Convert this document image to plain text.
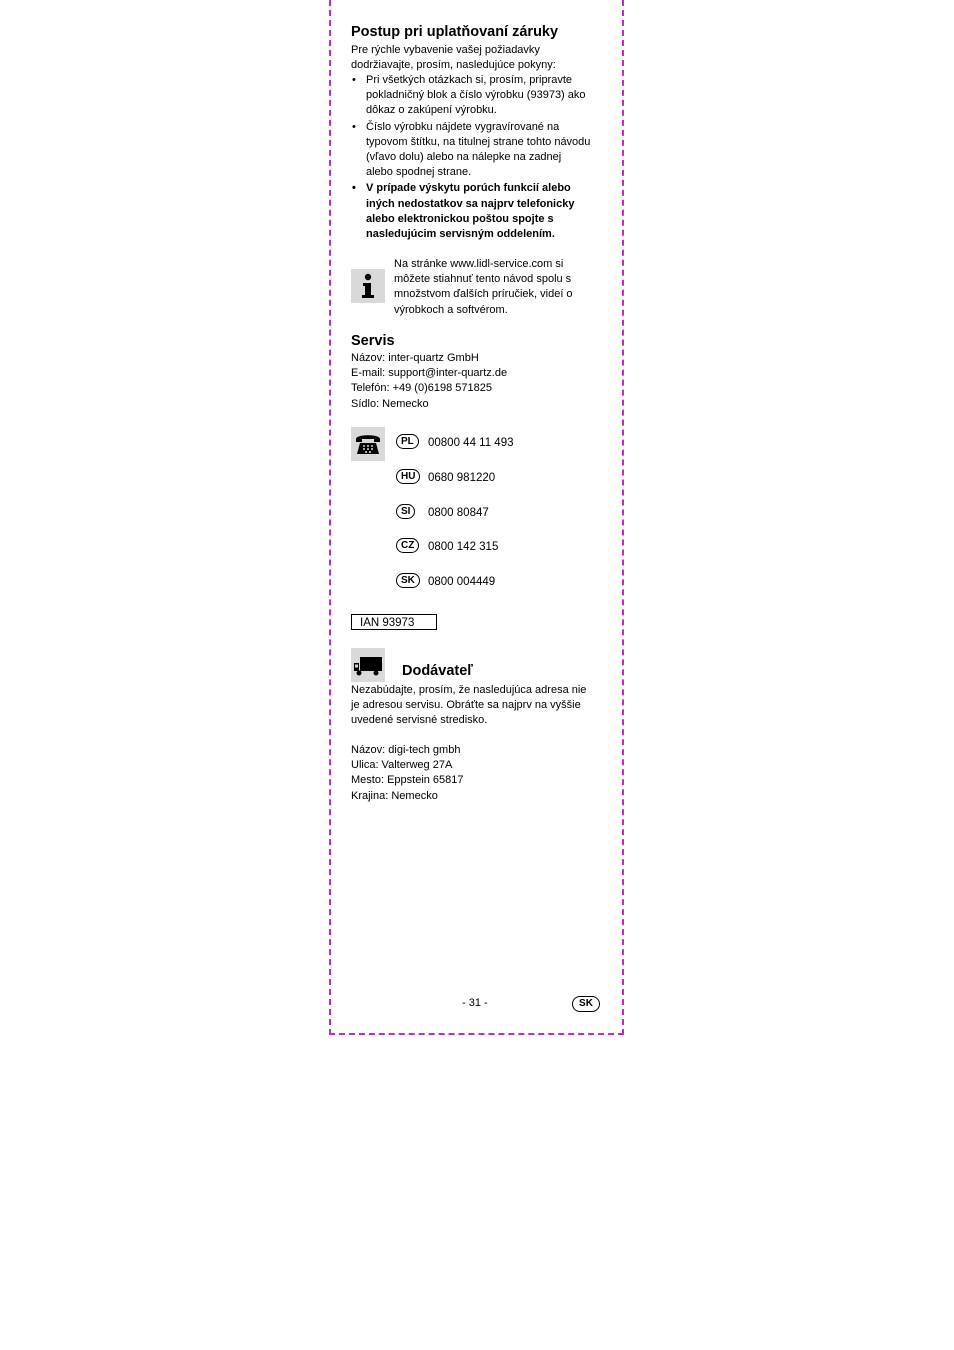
Postup pri uplatňovaní záruky
Pre rýchle vybavenie vašej požiadavky
dodržiavajte, prosím, nasledujúce pokyny:
• Pri všetkých otázkach si, prosím, pripravte
pokladničný blok a číslo výrobku (93973) ako
dôkaz o zakúpení výrobku.
• Číslo výrobku nájdete vygravírované na
typovom štítku, na titulnej strane tohto návodu
(vľavo dolu) alebo na nálepke na zadnej
alebo spodnej strane.
• V prípade výskytu porúch funkcií alebo
iných nedostatkov sa najprv telefonicky
alebo elektronickou poštou spojte s
nasledujúcim servisným oddelením.
Na stránke www.lidl-service.com si
môžete stiahnuť tento návod spolu s
množstvom ďalších príručiek, videí o
výrobkoch a softvérom.
Servis
Názov: inter-quartz GmbH
E-mail: support@inter-quartz.de
Telefón: +49 (0)6198 571825
Sídlo: Nemecko
PL 00800 44 11 493
HU 0680 981220
SI 0800 80847
CZ 0800 142 315
SK 0800 004449
IAN 93973
Dodávateľ
Nezabúdajte, prosím, že nasledujúca adresa nie
je adresou servisu. Obráťte sa najprv na vyššie
uvedené servisné stredisko.
Názov: digi-tech gmbh
Ulica: Valterweg 27A
Mesto: Eppstein 65817
Krajina: Nemecko
- 31 -	SK
